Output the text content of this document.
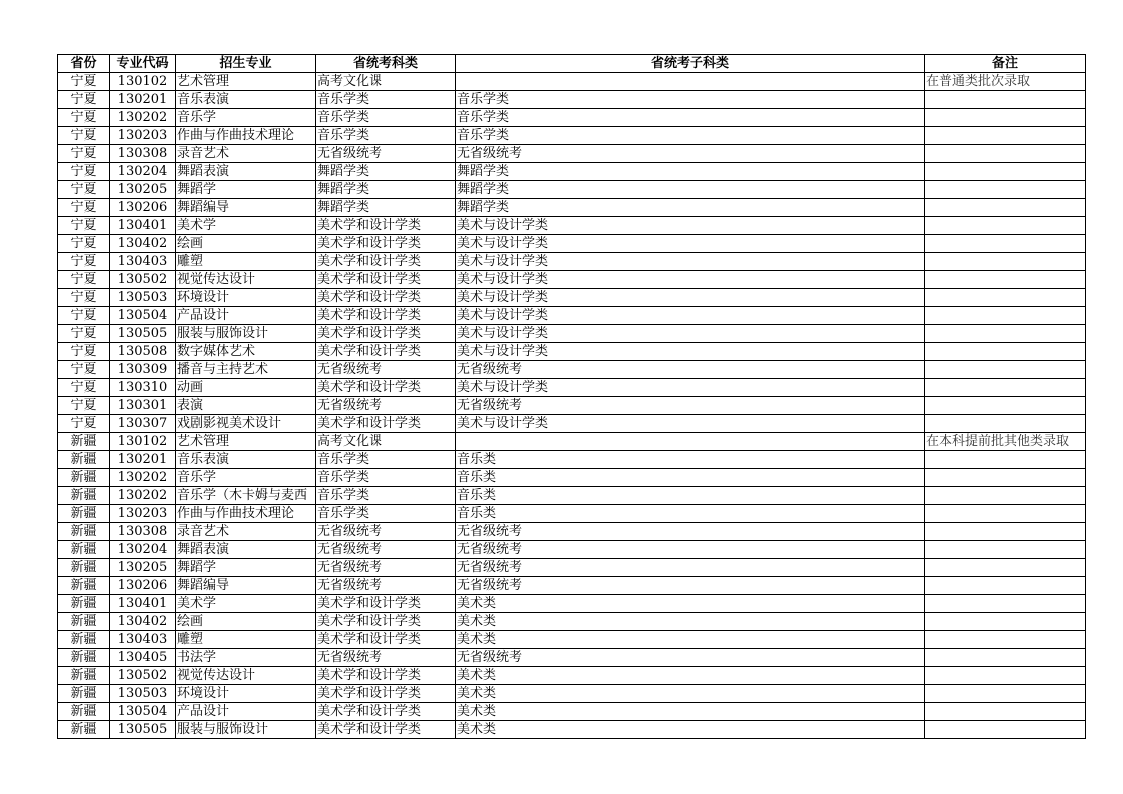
省份	专业代码	招生专业	省统考科类	省统考子科类	备注
宁夏	130102	艺术管理	高考文化课		在普通类批次录取
宁夏	130201	音乐表演	音乐学类	音乐学类	
宁夏	130202	音乐学	音乐学类	音乐学类	
宁夏	130203	作曲与作曲技术理论	音乐学类	音乐学类	
宁夏	130308	录音艺术	无省级统考	无省级统考	
宁夏	130204	舞蹈表演	舞蹈学类	舞蹈学类	
宁夏	130205	舞蹈学	舞蹈学类	舞蹈学类	
宁夏	130206	舞蹈编导	舞蹈学类	舞蹈学类	
宁夏	130401	美术学	美术学和设计学类	美术与设计学类	
宁夏	130402	绘画	美术学和设计学类	美术与设计学类	
宁夏	130403	雕塑	美术学和设计学类	美术与设计学类	
宁夏	130502	视觉传达设计	美术学和设计学类	美术与设计学类	
宁夏	130503	环境设计	美术学和设计学类	美术与设计学类	
宁夏	130504	产品设计	美术学和设计学类	美术与设计学类	
宁夏	130505	服装与服饰设计	美术学和设计学类	美术与设计学类	
宁夏	130508	数字媒体艺术	美术学和设计学类	美术与设计学类	
宁夏	130309	播音与主持艺术	无省级统考	无省级统考	
宁夏	130310	动画	美术学和设计学类	美术与设计学类	
宁夏	130301	表演	无省级统考	无省级统考	
宁夏	130307	戏剧影视美术设计	美术学和设计学类	美术与设计学类	
新疆	130102	艺术管理	高考文化课		在本科提前批其他类录取
新疆	130201	音乐表演	音乐学类	音乐类	
新疆	130202	音乐学	音乐学类	音乐类	
新疆	130202	音乐学（木卡姆与麦西	音乐学类	音乐类	
新疆	130203	作曲与作曲技术理论	音乐学类	音乐类	
新疆	130308	录音艺术	无省级统考	无省级统考	
新疆	130204	舞蹈表演	无省级统考	无省级统考	
新疆	130205	舞蹈学	无省级统考	无省级统考	
新疆	130206	舞蹈编导	无省级统考	无省级统考	
新疆	130401	美术学	美术学和设计学类	美术类	
新疆	130402	绘画	美术学和设计学类	美术类	
新疆	130403	雕塑	美术学和设计学类	美术类	
新疆	130405	书法学	无省级统考	无省级统考	
新疆	130502	视觉传达设计	美术学和设计学类	美术类	
新疆	130503	环境设计	美术学和设计学类	美术类	
新疆	130504	产品设计	美术学和设计学类	美术类	
新疆	130505	服装与服饰设计	美术学和设计学类	美术类	
